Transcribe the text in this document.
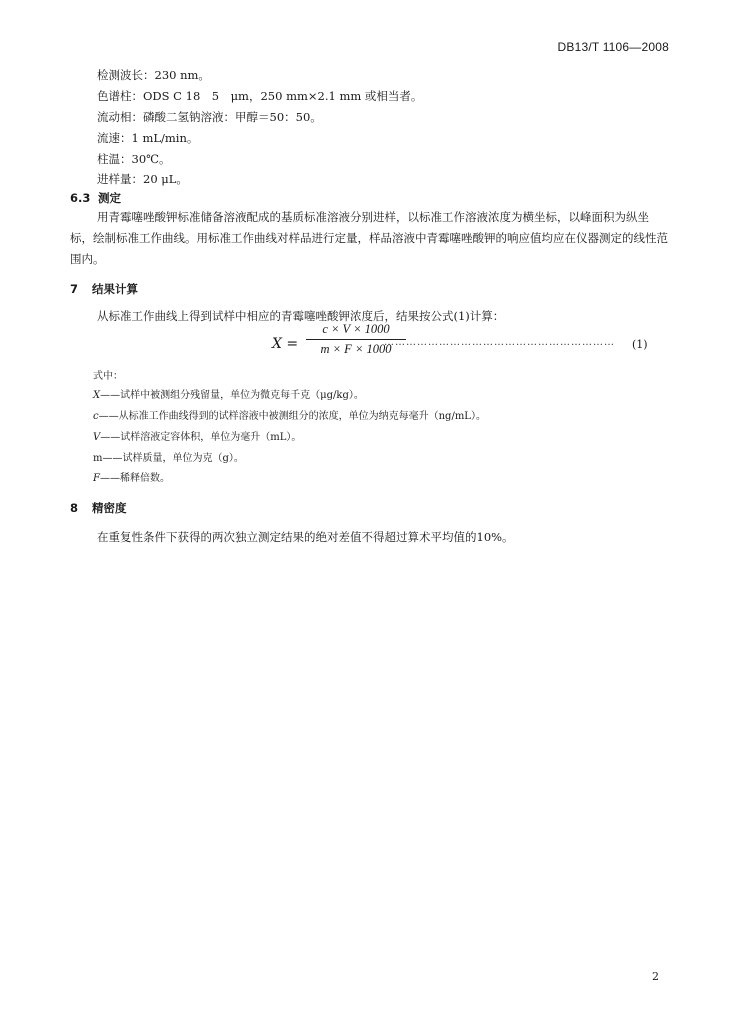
DB13/T 1106—2008
检测波长：230 nm。
色谱柱：ODS C 18　5　μm，250 mm×2.1 mm 或相当者。
流动相：磷酸二氢钠溶液：甲醇＝50：50。
流速：1 mL/min。
柱温：30℃。
进样量：20 μL。
6.3 测定
用青霉噻唑酸钾标准储备溶液配成的基质标准溶液分别进样，以标准工作溶液浓度为横坐标，以峰面积为纵坐标，绘制标准工作曲线。用标准工作曲线对样品进行定量，样品溶液中青霉噻唑酸钾的响应值均应在仪器测定的线性范围内。
7 结果计算
从标准工作曲线上得到试样中相应的青霉噻唑酸钾浓度后，结果按公式(1)计算：
$X = \frac{c \times V \times 1000}{m \times F \times 1000}$
………………………………………………………	(1)
式中：
X——试样中被测组分残留量，单位为微克每千克（μg/kg）。
c——从标准工作曲线得到的试样溶液中被测组分的浓度，单位为纳克每毫升（ng/mL）。
V——试样溶液定容体积，单位为毫升（mL）。
m——试样质量，单位为克（g）。
F——稀释倍数。
8 精密度
在重复性条件下获得的两次独立测定结果的绝对差值不得超过算术平均值的10%。
2
